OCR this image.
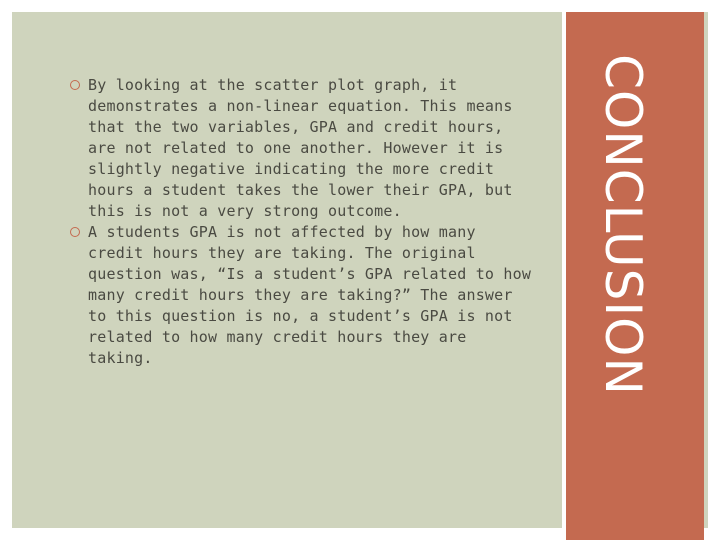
By looking at the scatter plot graph, it demonstrates a non-linear equation. This means that the two variables, GPA and credit hours, are not related to one another. However it is slightly negative indicating the more credit hours a student takes the lower their GPA, but this is not a very strong outcome.
A students GPA is not affected by how many credit hours they are taking. The original question was, “Is a student’s GPA related to how many credit hours they are taking?” The answer to this question is no, a student’s GPA is not related to how many credit hours they are taking.	CONCLUSION
